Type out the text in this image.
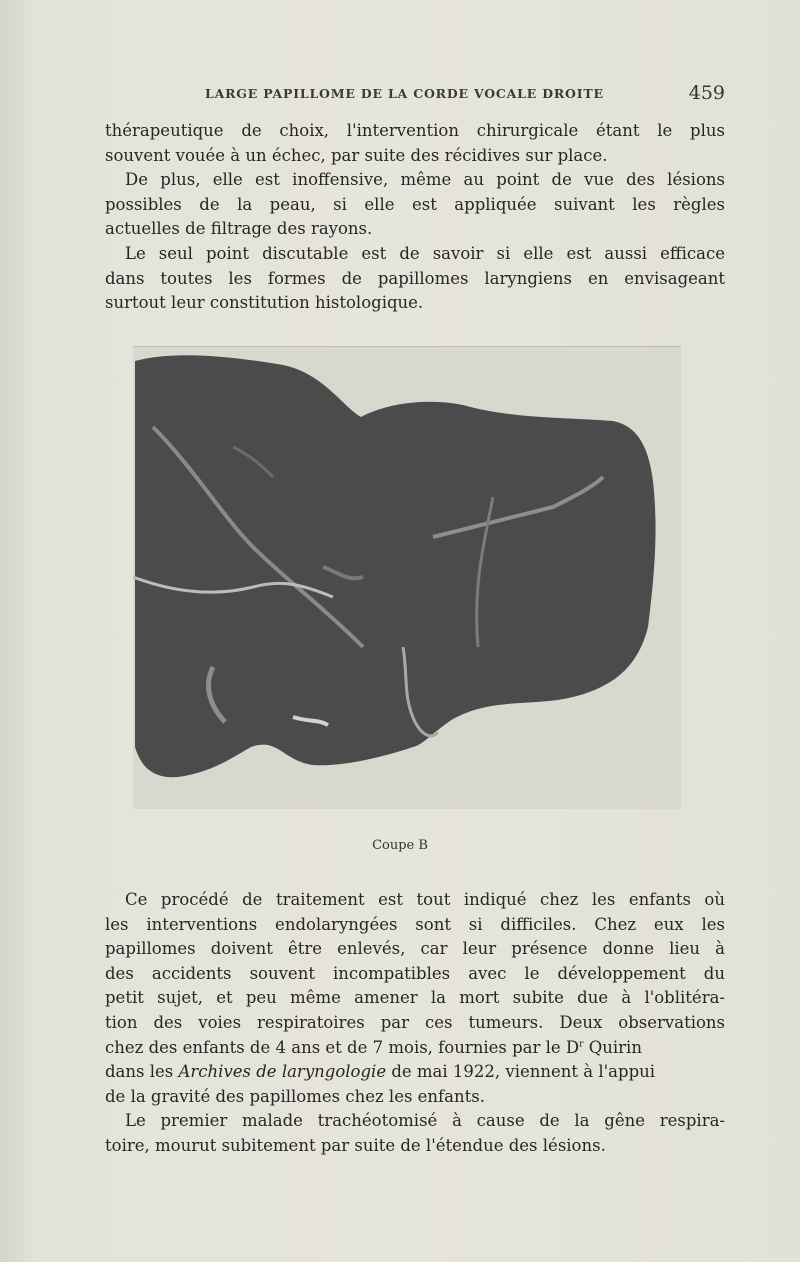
LARGE PAPILLOME DE LA CORDE VOCALE DROITE	459
thérapeutique de choix, l'intervention chirurgicale étant le plus
souvent vouée à un échec, par suite des récidives sur place.
De plus, elle est inoffensive, même au point de vue des lésions
possibles de la peau, si elle est appliquée suivant les règles
actuelles de filtrage des rayons.
Le seul point discutable est de savoir si elle est aussi efficace
dans toutes les formes de papillomes laryngiens en envisageant
surtout leur constitution histologique.
Coupe B
Ce procédé de traitement est tout indiqué chez les enfants où
les interventions endolaryngées sont si difficiles. Chez eux les
papillomes doivent être enlevés, car leur présence donne lieu à
des accidents souvent incompatibles avec le développement du
petit sujet, et peu même amener la mort subite due à l'oblitéra-
tion des voies respiratoires par ces tumeurs. Deux observations
chez des enfants de 4 ans et de 7 mois, fournies par le $D^r$ Quirin
dans les Archives de laryngologie de mai 1922, viennent à l'appui
de la gravité des papillomes chez les enfants.
Le premier malade trachéotomisé à cause de la gêne respira-
toire, mourut subitement par suite de l'étendue des lésions.
